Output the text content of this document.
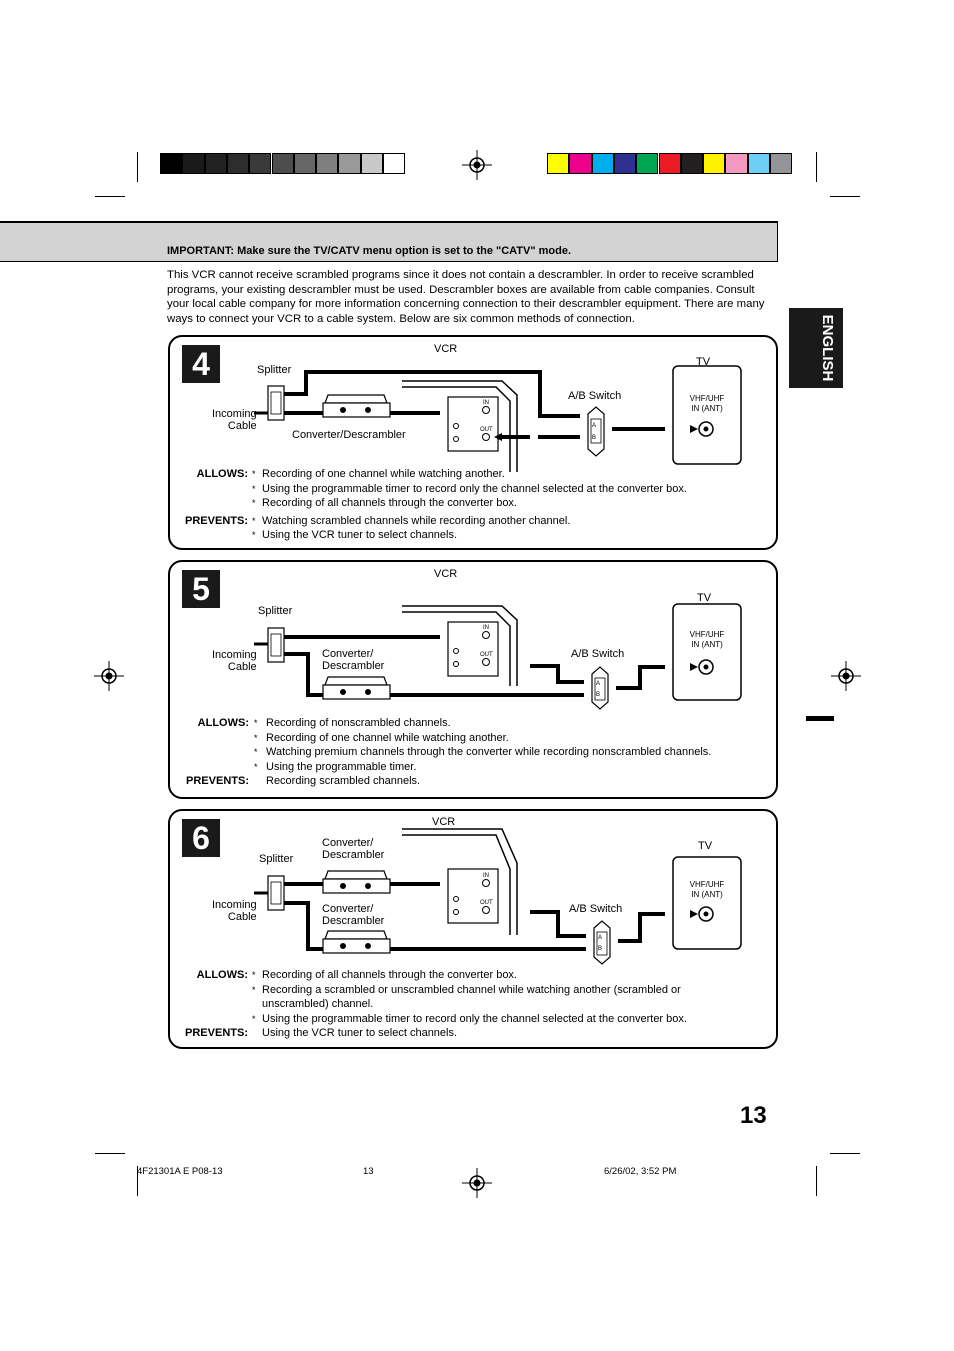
IMPORTANT: Make sure the TV/CATV menu option is set to the "CATV" mode.
This VCR cannot receive scrambled programs since it does not contain a descrambler. In order to receive scrambled programs, your existing descrambler must be used. Descrambler boxes are available from cable companies. Consult your local cable company for more information concerning connection to their descrambler equipment. There are many ways to connect your VCR to a cable system. Below are six common methods of connection.	ENGLISH
4
IN
OUT
A
B
VCR
TV
Splitter
Incoming
Cable
Converter/Descrambler
A/B Switch	VHF/UHF
IN (ANT)
ALLOWS: * Recording of one channel while watching another.
* Using the programmable timer to record only the channel selected at the converter box.
* Recording of all channels through the converter box.
PREVENTS: * Watching scrambled channels while recording another channel.
* Using the VCR tuner to select channels.
5
IN
OUT
A
B
VCR
TV
Splitter
Incoming
Cable
Converter/
Descrambler
A/B Switch
VHF/UHF
IN (ANT)
ALLOWS: * Recording of nonscrambled channels.
* Recording of one channel while watching another.
* Watching premium channels through the converter while recording nonscrambled channels.
* Using the programmable timer.
PREVENTS: Recording scrambled channels.
6
IN
OUT
A
B
VCR
TV
Splitter
Incoming
Cable
Converter/
Descrambler
Converter/
Descrambler
A/B Switch
VHF/UHF
IN (ANT)
ALLOWS: * Recording of all channels through the converter box.
* Recording a scrambled or unscrambled channel while watching another (scrambled or
unscrambled) channel.
* Using the programmable timer to record only the channel selected at the converter box.
PREVENTS: Using the VCR tuner to select channels.
13
4F21301A E P08-13	13	6/26/02, 3:52 PM
